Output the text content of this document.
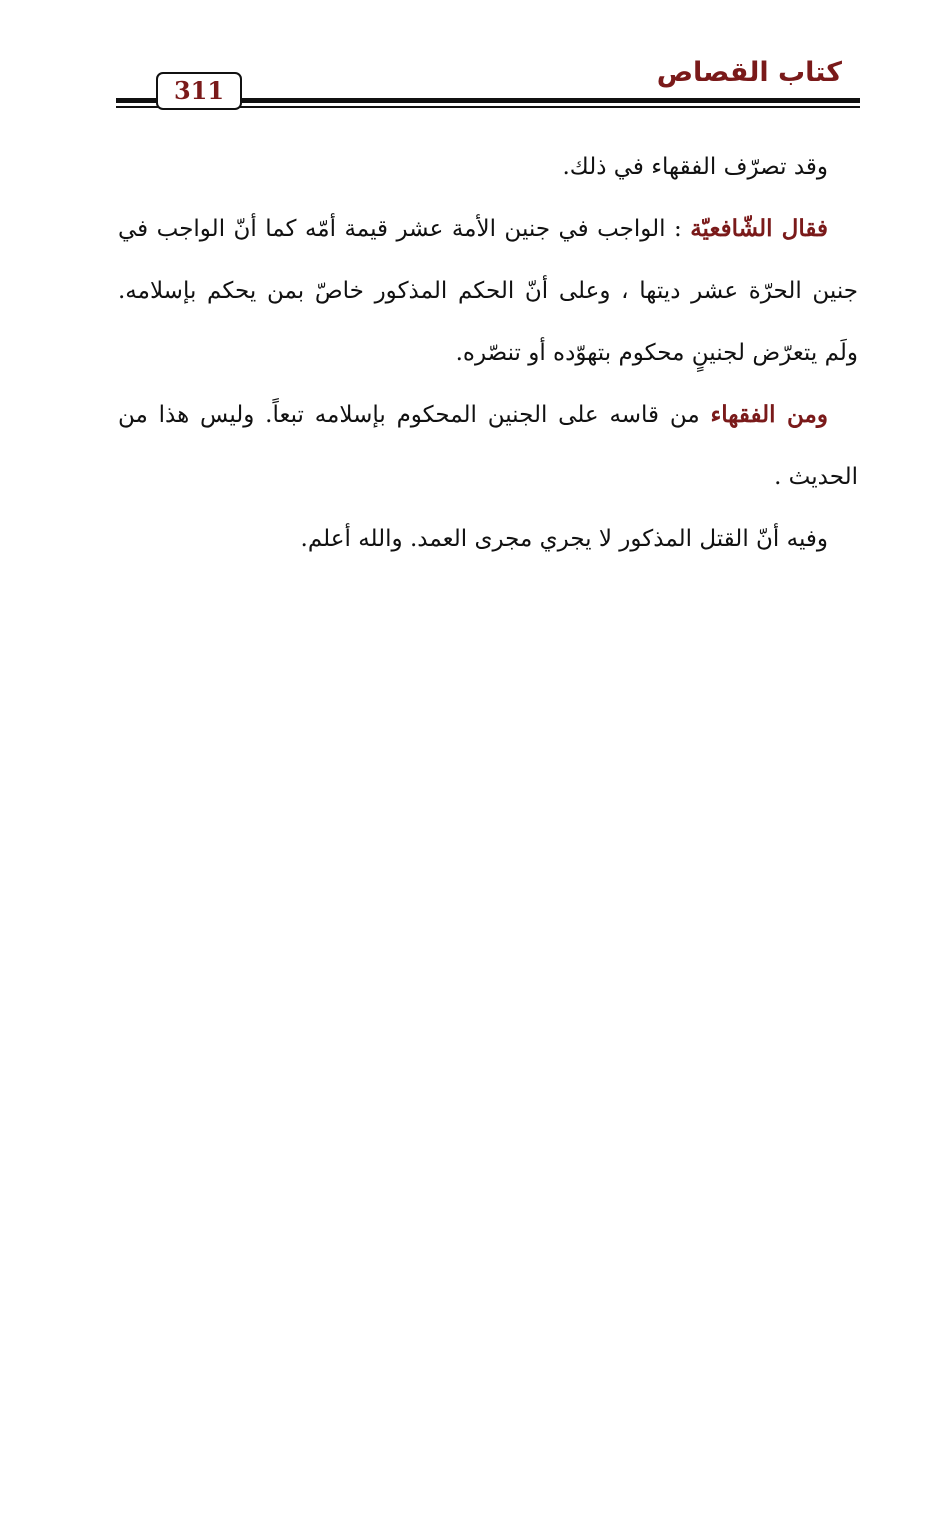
311
كتاب القصاص

وقد تصرّف الفقهاء في ذلك.

فقال الشّافعيّة : الواجب في جنين الأمة عشر قيمة أمّه كما أنّ الواجب في جنين الحرّة عشر ديتها ، وعلى أنّ الحكم المذكور خاصّ بمن يحكم بإسلامه. ولَم يتعرّض لجنينٍ محكوم بتهوّده أو تنصّره.

ومن الفقهاء من قاسه على الجنين المحكوم بإسلامه تبعاً. وليس هذا من الحديث .

وفيه أنّ القتل المذكور لا يجري مجرى العمد. والله أعلم.
